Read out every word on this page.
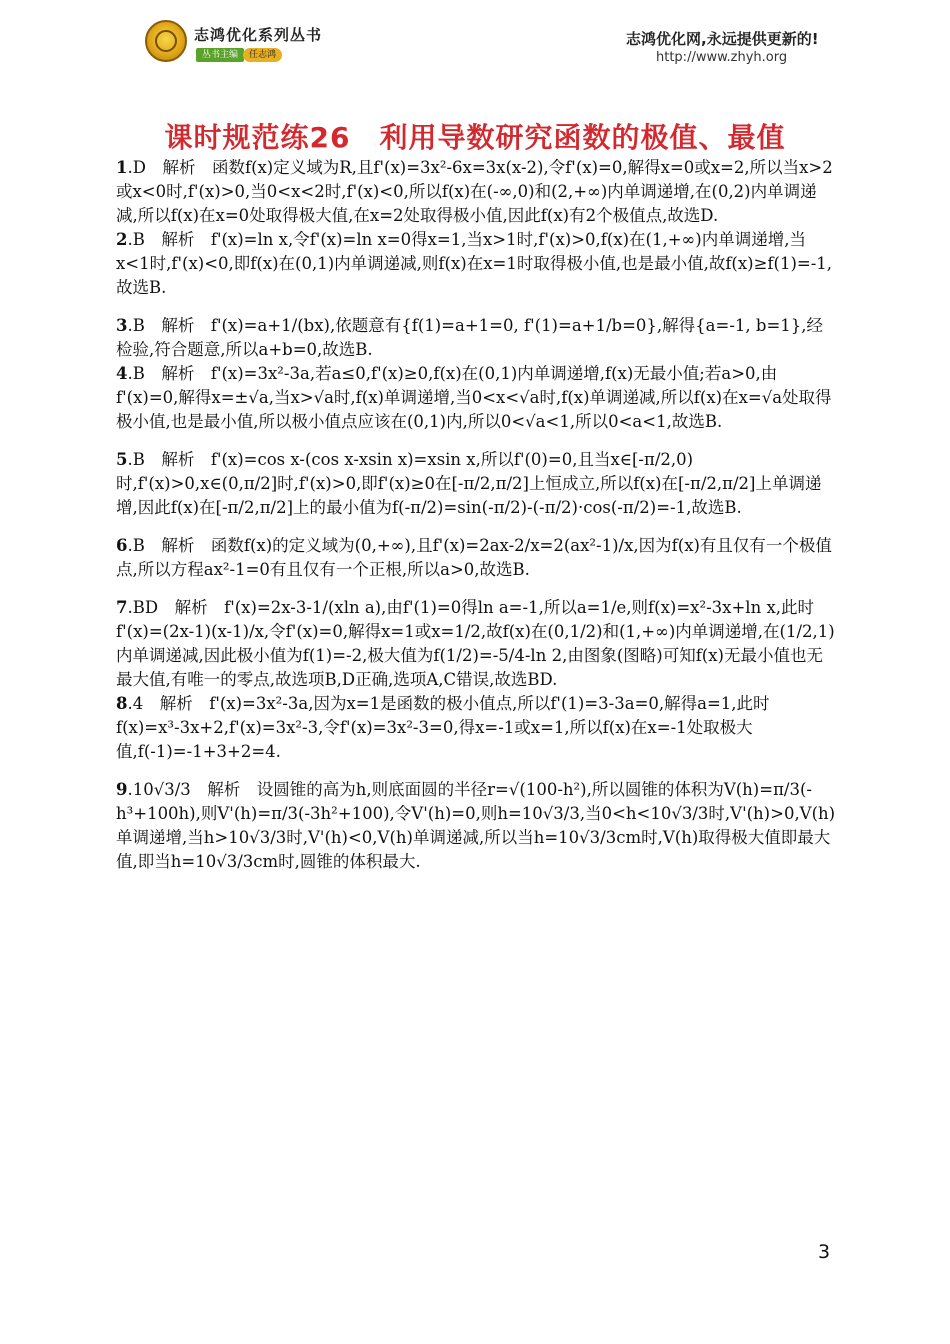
志鸿优化系列丛书
丛书主编	任志鸿
志鸿优化网,永远提供更新的!
http://www.zhyh.org
课时规范练26　利用导数研究函数的极值、最值

1.D　解析　函数f(x)定义域为R,且f'(x)=3x²-6x=3x(x-2),令f'(x)=0,解得x=0或x=2,所以当x>2或x<0时,f'(x)>0,当0<x<2时,f'(x)<0,所以f(x)在(-∞,0)和(2,+∞)内单调递增,在(0,2)内单调递减,所以f(x)在x=0处取得极大值,在x=2处取得极小值,因此f(x)有2个极值点,故选D.

2.B　解析　f'(x)=ln x,令f'(x)=ln x=0得x=1,当x>1时,f'(x)>0,f(x)在(1,+∞)内单调递增,当x<1时,f'(x)<0,即f(x)在(0,1)内单调递减,则f(x)在x=1时取得极小值,也是最小值,故f(x)≥f(1)=-1,故选B.

3.B　解析　f'(x)=a+1/(bx),依题意有{f(1)=a+1=0, f'(1)=a+1/b=0},解得{a=-1, b=1},经检验,符合题意,所以a+b=0,故选B.

4.B　解析　f'(x)=3x²-3a,若a≤0,f'(x)≥0,f(x)在(0,1)内单调递增,f(x)无最小值;若a>0,由f'(x)=0,解得x=±√a,当x>√a时,f(x)单调递增,当0<x<√a时,f(x)单调递减,所以f(x)在x=√a处取得极小值,也是最小值,所以极小值点应该在(0,1)内,所以0<√a<1,所以0<a<1,故选B.

5.B　解析　f'(x)=cos x-(cos x-xsin x)=xsin x,所以f'(0)=0,且当x∈[-π/2,0)时,f'(x)>0,x∈(0,π/2]时,f'(x)>0,即f'(x)≥0在[-π/2,π/2]上恒成立,所以f(x)在[-π/2,π/2]上单调递增,因此f(x)在[-π/2,π/2]上的最小值为f(-π/2)=sin(-π/2)-(-π/2)·cos(-π/2)=-1,故选B.

6.B　解析　函数f(x)的定义域为(0,+∞),且f'(x)=2ax-2/x=2(ax²-1)/x,因为f(x)有且仅有一个极值点,所以方程ax²-1=0有且仅有一个正根,所以a>0,故选B.

7.BD　解析　f'(x)=2x-3-1/(xln a),由f'(1)=0得ln a=-1,所以a=1/e,则f(x)=x²-3x+ln x,此时f'(x)=(2x-1)(x-1)/x,令f'(x)=0,解得x=1或x=1/2,故f(x)在(0,1/2)和(1,+∞)内单调递增,在(1/2,1)内单调递减,因此极小值为f(1)=-2,极大值为f(1/2)=-5/4-ln 2,由图象(图略)可知f(x)无最小值也无最大值,有唯一的零点,故选项B,D正确,选项A,C错误,故选BD.

8.4　解析　f'(x)=3x²-3a,因为x=1是函数的极小值点,所以f'(1)=3-3a=0,解得a=1,此时f(x)=x³-3x+2,f'(x)=3x²-3,令f'(x)=3x²-3=0,得x=-1或x=1,所以f(x)在x=-1处取极大值,f(-1)=-1+3+2=4.

9.10√3/3　解析　设圆锥的高为h,则底面圆的半径r=√(100-h²),所以圆锥的体积为V(h)=π/3(-h³+100h),则V'(h)=π/3(-3h²+100),令V'(h)=0,则h=10√3/3,当0<h<10√3/3时,V'(h)>0,V(h)单调递增,当h>10√3/3时,V'(h)<0,V(h)单调递减,所以当h=10√3/3cm时,V(h)取得极大值即最大值,即当h=10√3/3cm时,圆锥的体积最大.

3
